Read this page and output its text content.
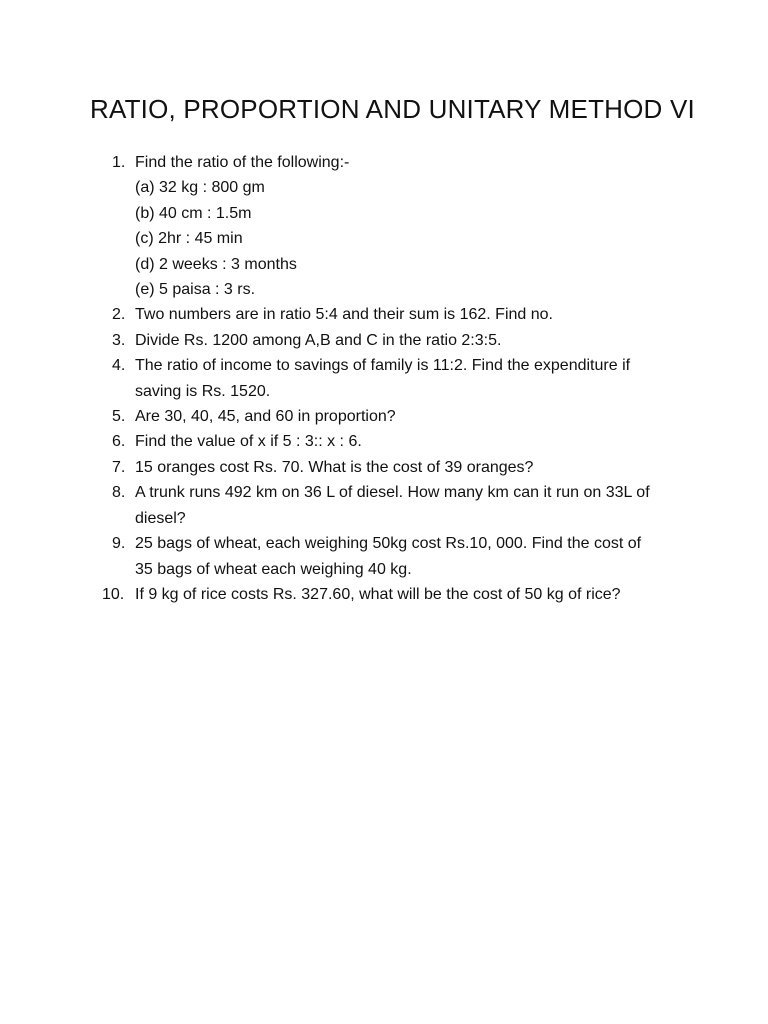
RATIO, PROPORTION AND UNITARY METHOD VI
1. Find the ratio of the following:-
(a) 32 kg : 800 gm
(b) 40 cm : 1.5m
(c) 2hr : 45 min
(d) 2 weeks : 3 months
(e) 5 paisa : 3 rs.
2. Two numbers are in ratio 5:4 and their sum is 162. Find no.
3. Divide Rs. 1200 among A,B and C in the ratio 2:3:5.
4. The ratio of income to savings of family is 11:2. Find the expenditure if saving is Rs. 1520.
5. Are 30, 40, 45, and 60 in proportion?
6. Find the value of x if 5 : 3:: x : 6.
7. 15 oranges cost Rs. 70. What is the cost of 39 oranges?
8. A trunk runs 492 km on 36 L of diesel. How many km can it run on 33L of diesel?
9. 25 bags of wheat, each weighing 50kg cost Rs.10, 000. Find the cost of 35 bags of wheat each weighing 40 kg.
10. If 9 kg of rice costs Rs. 327.60, what will be the cost of 50 kg of rice?
